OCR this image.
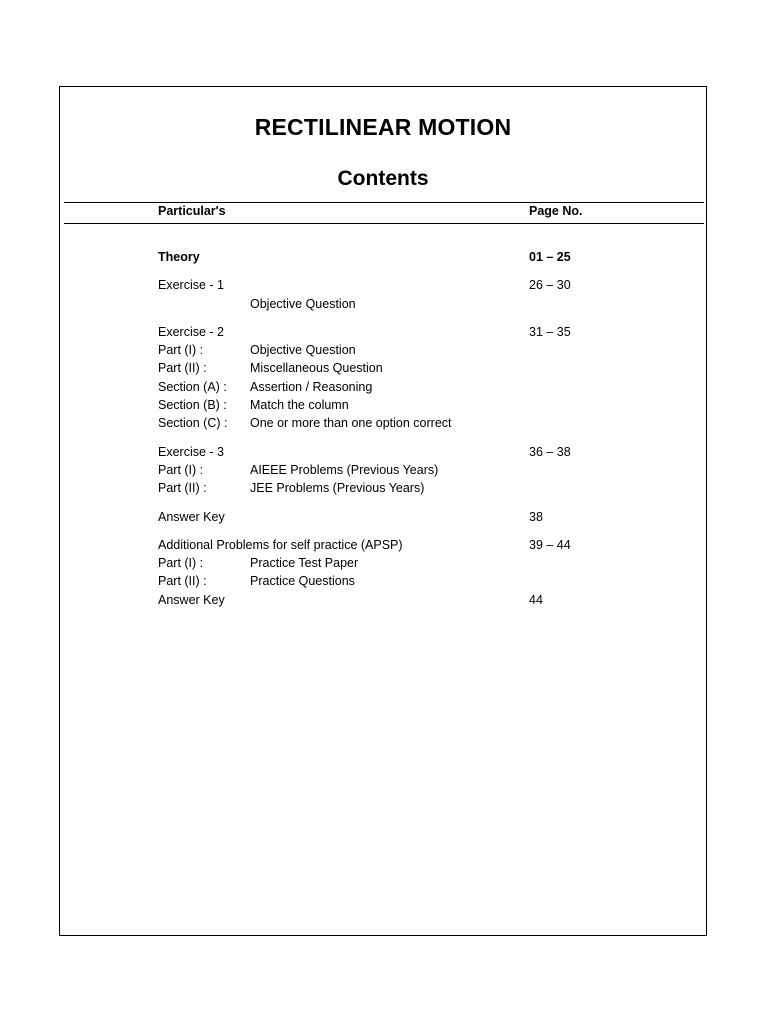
RECTILINEAR MOTION
Contents
Particular's	Page No.
Theory	01 – 25
Exercise - 1	26 – 30
Objective Question
Exercise - 2	31 – 35
Part (I) :	Objective Question
Part (II) :	Miscellaneous Question
Section (A) : Assertion / Reasoning
Section (B) : Match the column
Section (C) : One or more than one option correct
Exercise - 3	36 – 38
Part (I) :	AIEEE Problems (Previous Years)
Part (II) :	JEE Problems (Previous Years)
Answer Key	38
Additional Problems for self practice (APSP)	39 – 44
Part (I) :	Practice Test Paper
Part (II) :	Practice Questions
Answer Key	44
